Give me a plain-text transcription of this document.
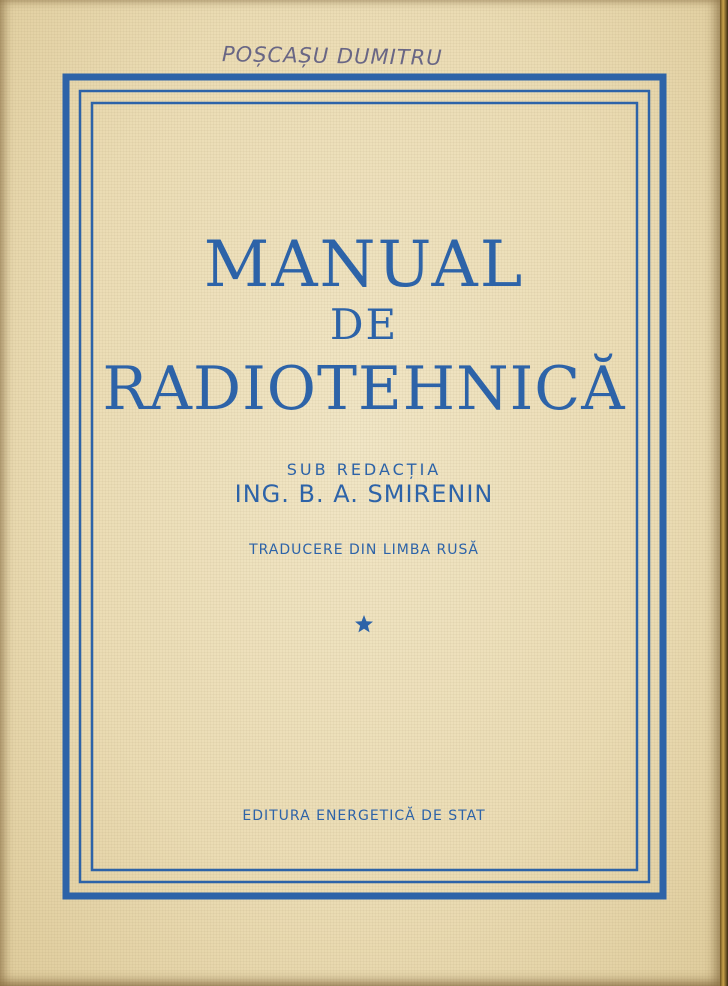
POȘCAȘU DUMITRU
MANUAL
DE
RADIOTEHNICĂ
SUB REDACȚIA
ING. B. A. SMIRENIN
TRADUCERE DIN LIMBA RUSĂ
EDITURA ENERGETICĂ DE STAT
